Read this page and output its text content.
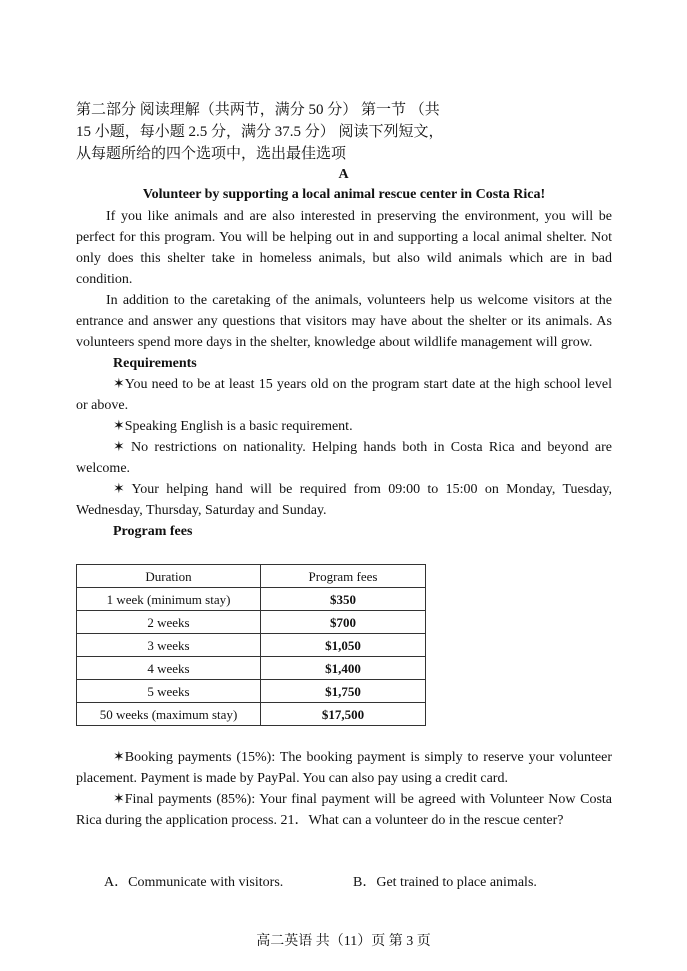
第二部分 阅读理解（共两节，满分 50 分） 第一节 （共
15 小题，每小题 2.5 分，满分 37.5 分） 阅读下列短文，
从每题所给的四个选项中，选出最佳选项
A
Volunteer by supporting a local animal rescue center in Costa Rica!

If you like animals and are also interested in preserving the environment, you will be perfect for this program. You will be helping out in and supporting a local animal shelter. Not only does this shelter take in homeless animals, but also wild animals which are in bad condition.

In addition to the caretaking of the animals, volunteers help us welcome visitors at the entrance and answer any questions that visitors may have about the shelter or its animals. As volunteers spend more days in the shelter, knowledge about wildlife management will grow.

Requirements

✶You need to be at least 15 years old on the program start date at the high school level or above.

✶Speaking English is a basic requirement.

✶ No restrictions on nationality. Helping hands both in Costa Rica and beyond are welcome.

✶ Your helping hand will be required from 09:00 to 15:00 on Monday, Tuesday, Wednesday, Thursday, Saturday and Sunday.

Program fees

Duration	Program fees
1 week (minimum stay)	$350
2 weeks	$700
3 weeks	$1,050
4 weeks	$1,400
5 weeks	$1,750
50 weeks (maximum stay)	$17,500

✶Booking payments (15%): The booking payment is simply to reserve your volunteer placement. Payment is made by PayPal. You can also pay using a credit card.

✶Final payments (85%): Your final payment will be agreed with Volunteer Now Costa Rica during the application process. 21．What can a volunteer do in the rescue center?

A．Communicate with visitors.	B．Get trained to place animals.
高二英语 共（11）页 第 3 页
